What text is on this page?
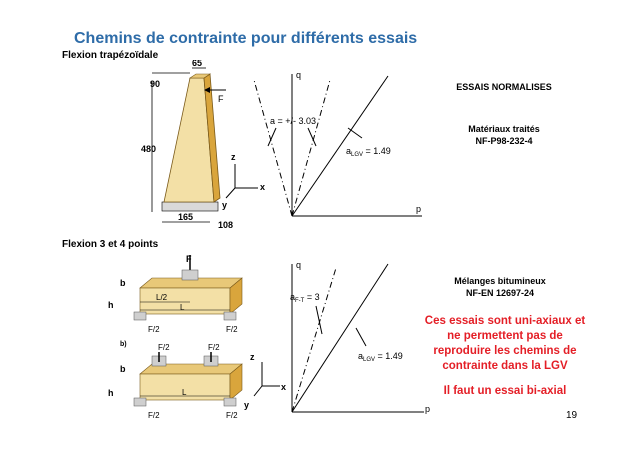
Chemins de contrainte pour différents essais
Flexion trapézoïdale
Flexion 3 et 4 points
F
65
90
480
165
108
z
x
y
q
p
a = +/- 3.03
$a_{LGV} = 1.49$
F
b
h
L/2
L
F/2	F/2
b)	F/2	F/2
b
h	L
F/2	F/2
z
x
y
q
$a_{F-T} = 3$
$a_{LGV} = 1.49$
p
ESSAIS NORMALISES
Matériaux traités
NF-P98-232-4
Mélanges bitumineux
NF-EN 12697-24
Ces essais sont uni-axiaux et
ne permettent pas de
reproduire les chemins de
contrainte dans la LGV
Il faut un essai bi-axial
19
